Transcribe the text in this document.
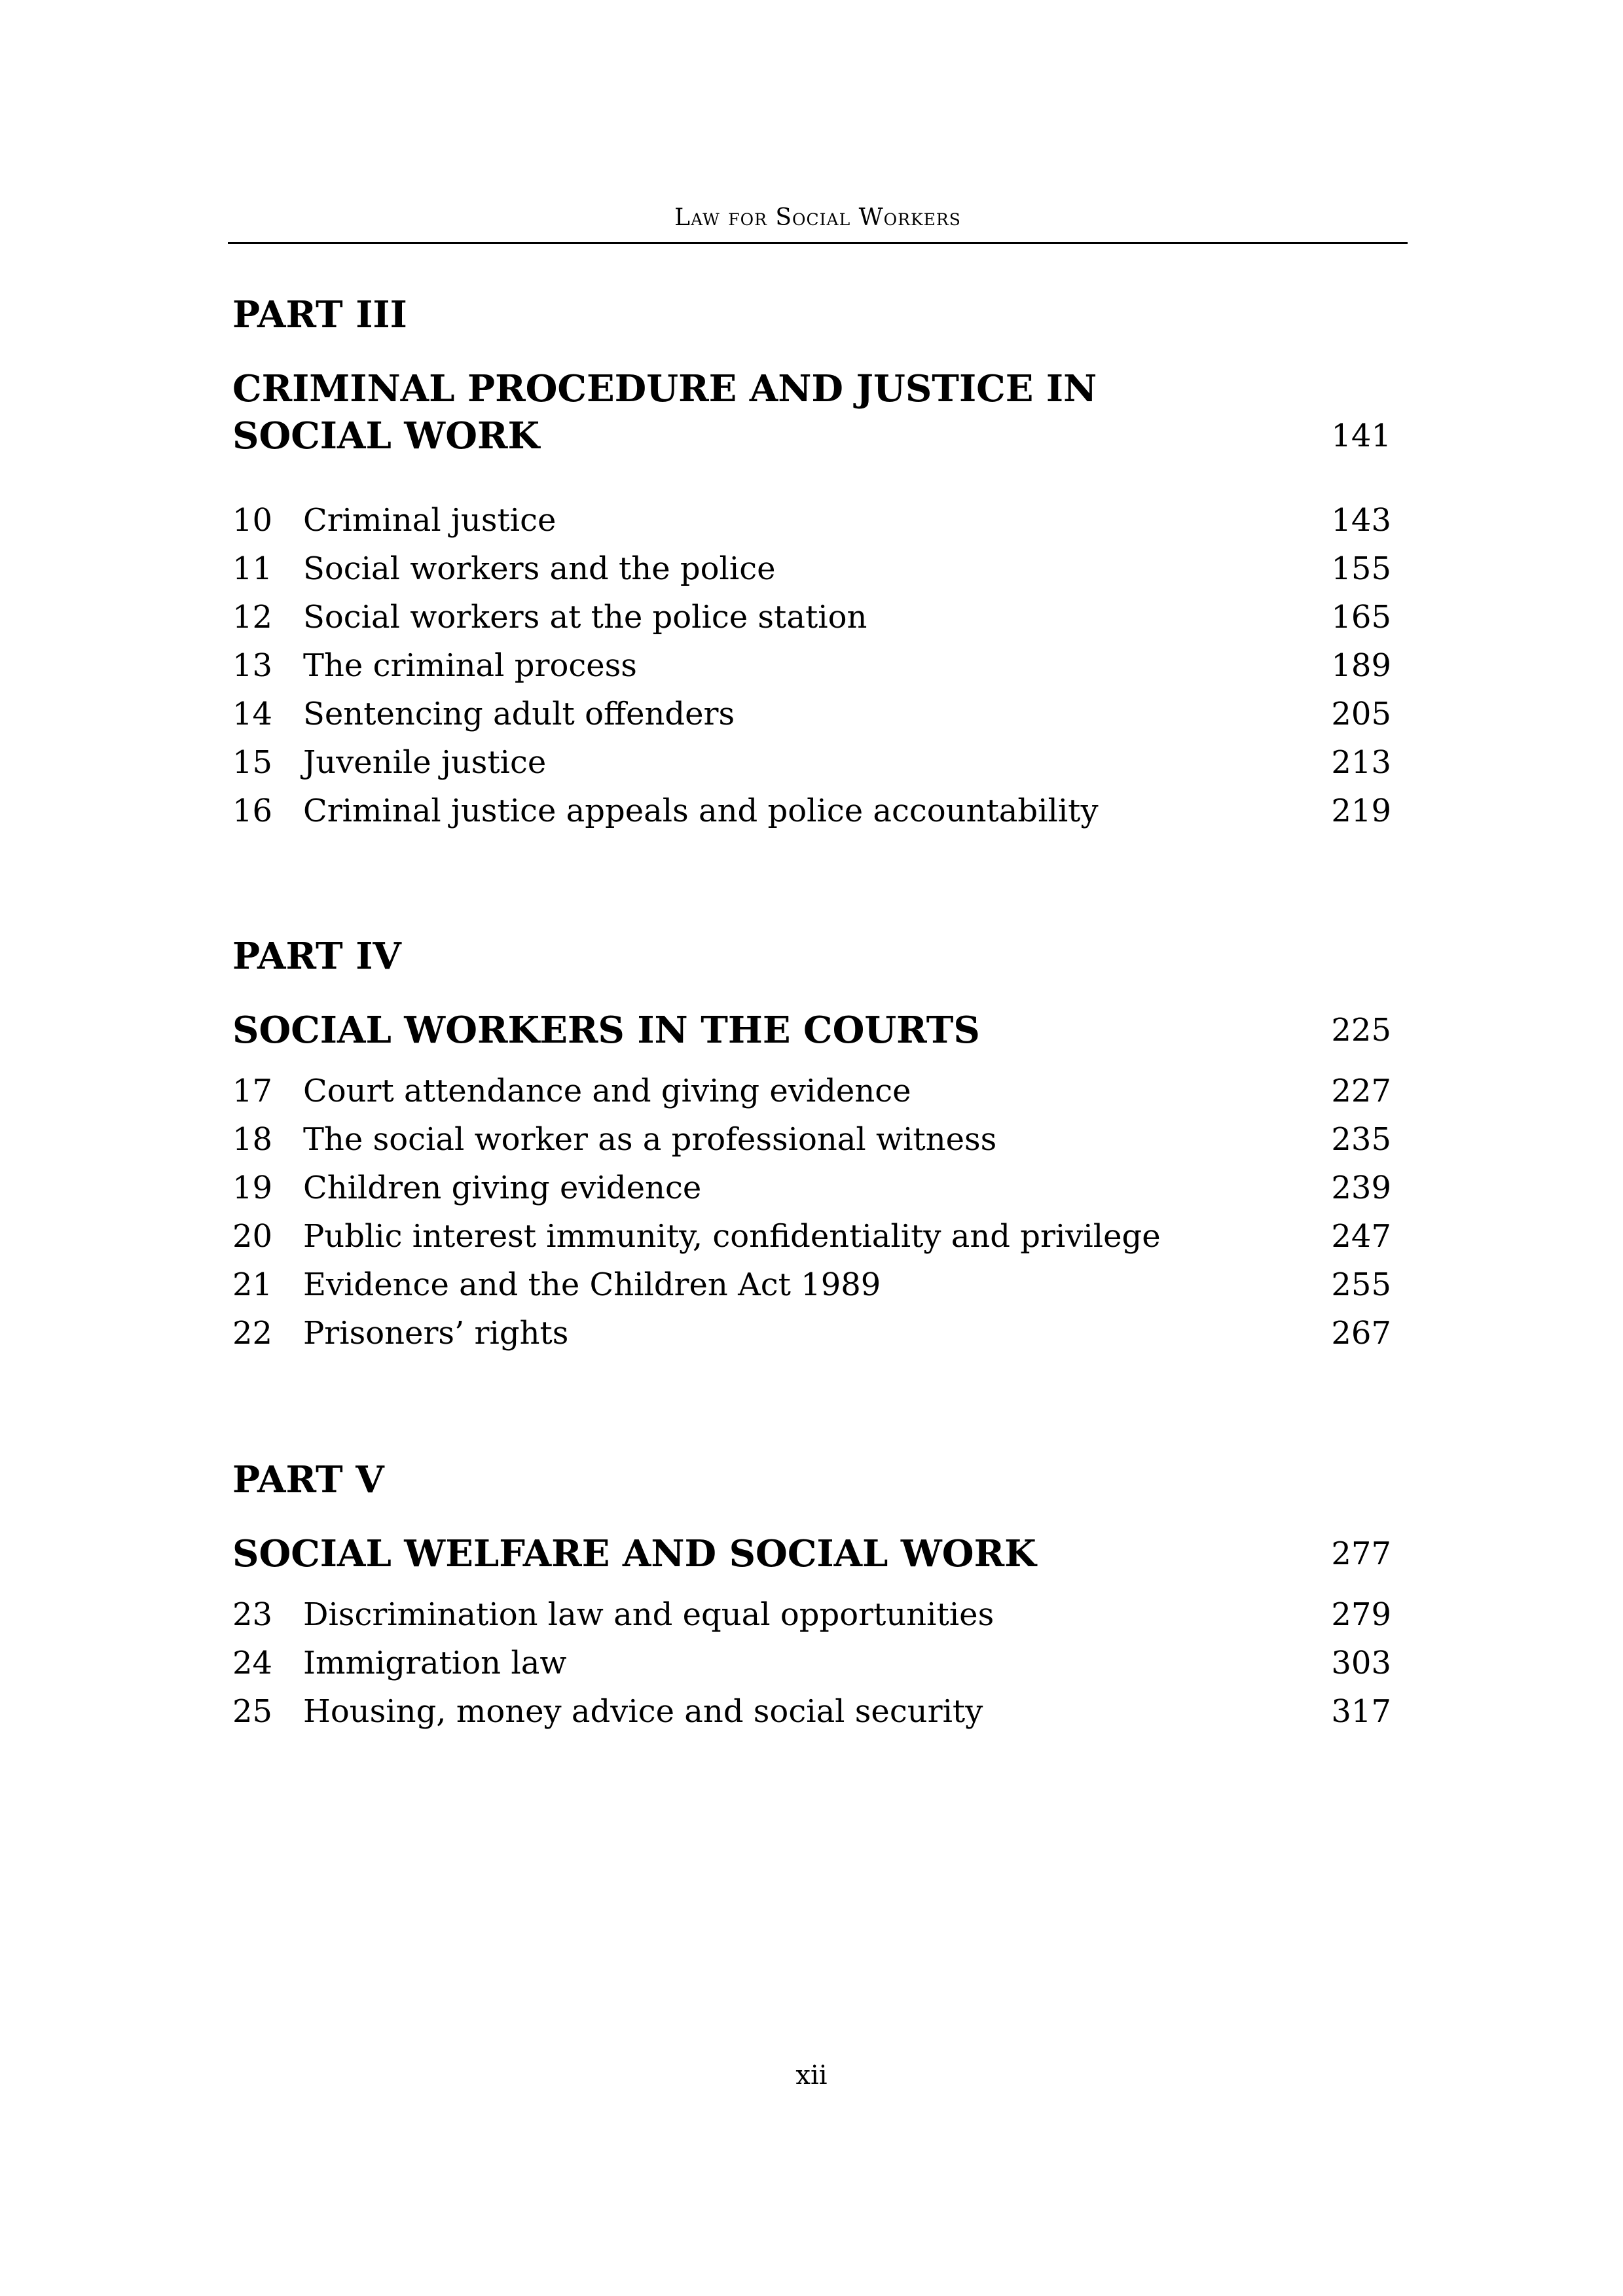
Law for Social Workers
PART III
CRIMINAL PROCEDURE AND JUSTICE IN SOCIAL WORK	141
10 Criminal justice	143
11 Social workers and the police	155
12 Social workers at the police station	165
13 The criminal process	189
14 Sentencing adult offenders	205
15 Juvenile justice	213
16 Criminal justice appeals and police accountability	219
PART IV
SOCIAL WORKERS IN THE COURTS	225
17 Court attendance and giving evidence	227
18 The social worker as a professional witness	235
19 Children giving evidence	239
20 Public interest immunity, confidentiality and privilege	247
21 Evidence and the Children Act 1989	255
22 Prisoners’ rights	267
PART V
SOCIAL WELFARE AND SOCIAL WORK	277
23 Discrimination law and equal opportunities	279
24 Immigration law	303
25 Housing, money advice and social security	317
xii
